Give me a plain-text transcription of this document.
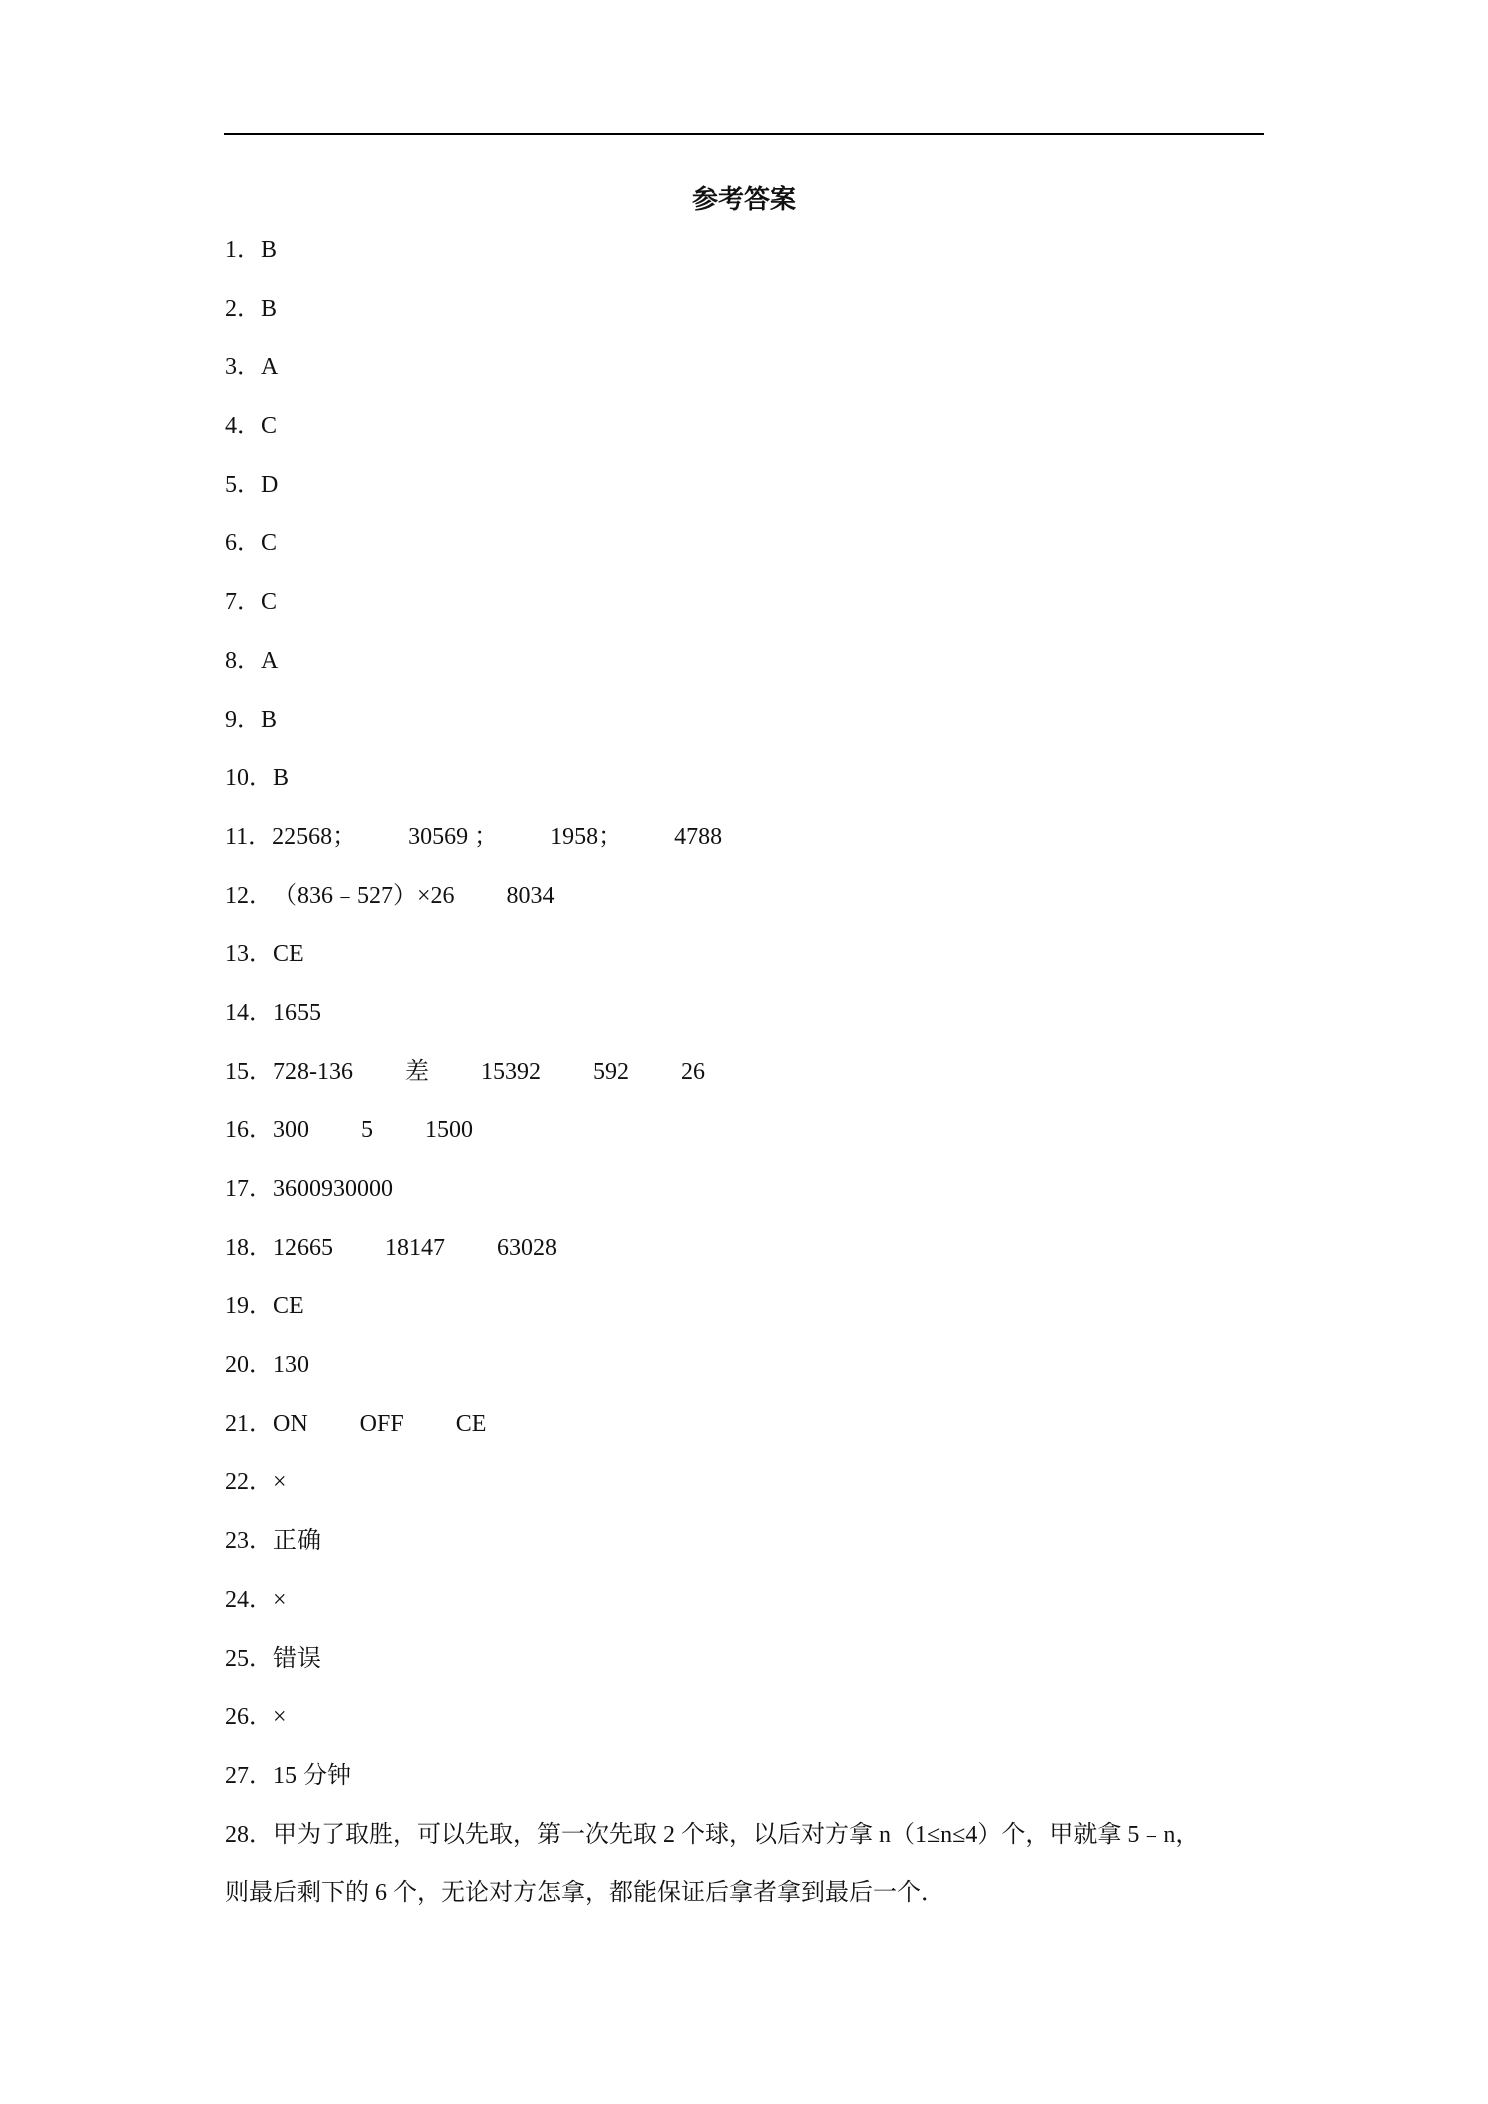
参考答案
1．B
2．B
3．A
4．C
5．D
6．C
7．C
8．A
9．B
10．B
11．22568； 30569 ； 1958； 4788
12．（836﹣527）×26 8034
13．CE
14．1655
15．728-136 差 15392 592 26
16．300 5 1500
17．3600930000
18．12665 18147 63028
19．CE
20．130
21．ON OFF CE
22．×
23．正确
24．×
25．错误
26．×
27．15 分钟

28．甲为了取胜，可以先取，第一次先取 2 个球，以后对方拿 n（1≤n≤4）个，甲就拿 5﹣n，

则最后剩下的 6 个，无论对方怎拿，都能保证后拿者拿到最后一个．
